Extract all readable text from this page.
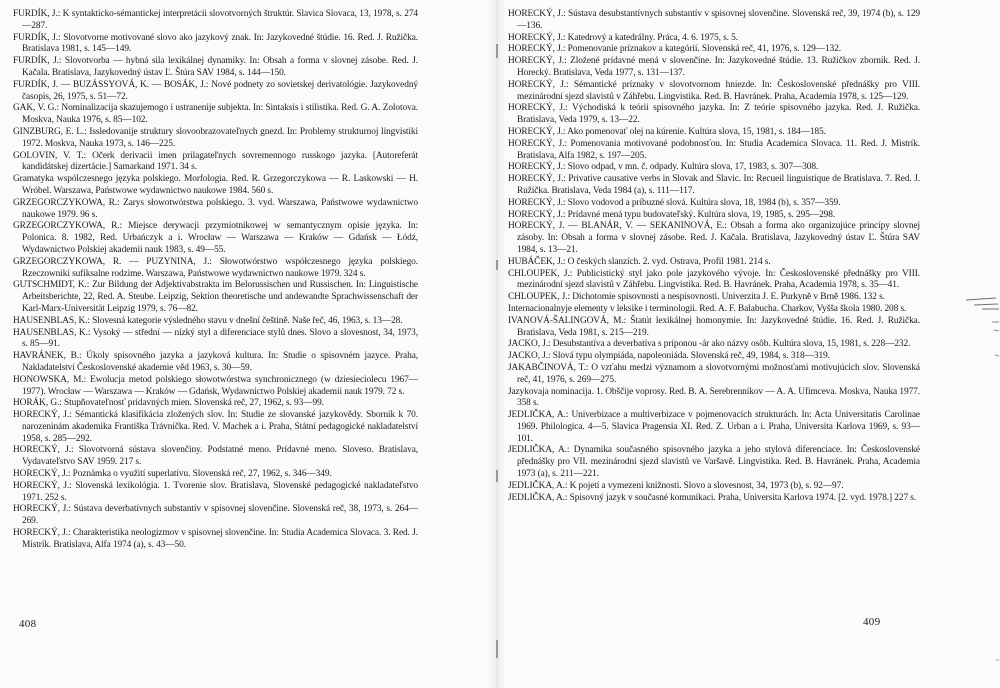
FURDÍK, J.: K syntakticko-sémantickej interpretácii slovotvorných štruktúr. Slavica Slovaca, 13, 1978, s. 274—287.

FURDÍK, J.: Slovotvorne motivované slovo ako jazykový znak. In: Jazykovedné štúdie. 16. Red. J. Ružička. Bratislava 1981, s. 145—149.

FURDÍK, J.: Slovotvorba — hybná sila lexikálnej dynamiky. In: Obsah a forma v slovnej zásobe. Red. J. Kačala. Bratislava, Jazykovedný ústav Ľ. Štúra SAV 1984, s. 144—150.

FURDÍK, J. — BUZÁSSYOVÁ, K. — BOSÁK, J.: Nové podnety zo sovietskej derivatológie. Jazykovedný časopis, 26, 1975, s. 51—72.

GAK, V. G.: Nominalizacija skazujemogo i ustranenije subjekta. In: Sintaksis i stilistika. Red. G. A. Zolotova. Moskva, Nauka 1976, s. 85—102.

GINZBURG, E. L.: Issledovanije struktury slovoobrazovateľnych gnezd. In: Problemy strukturnoj lingvistiki 1972. Moskva, Nauka 1973, s. 146—225.

GOLOVIN, V. T.: Očerk derivacii imen prilagateľnych sovremennogo russkogo jazyka. [Autoreferát kandidátskej dizertácie.] Samarkand 1971. 34 s.

Gramatyka wspólczesnego języka polskiego. Morfologia. Red. R. Grzegorczykowa — R. Laskowski — H. Wróbel. Warszawa, Państwowe wydawnictwo naukowe 1984. 560 s.

GRZEGORCZYKOWA, R.: Zarys słowotwórstwa polskiego. 3. vyd. Warszawa, Państwowe wydawnictwo naukowe 1979. 96 s.

GRZEGORCZYKOWA, R.: Miejsce derywacji przymiotnikowej w semantycznym opisie języka. In: Polonica. 8. 1982, Red. Urbańczyk a i. Wrocław — Warszawa — Kraków — Gdańsk — Łódź, Wydawnictwo Polskiej akademii nauk 1983, s. 49—55.

GRZEGORCZYKOWA, R. — PUZYNINA, J.: Słowotwórstwo współczesnego języka polskiego. Rzeczowniki sufiksalne rodzime. Warszawa, Państwowe wydawnictwo naukowe 1979. 324 s.

GUTSCHMIDT, K.: Zur Bildung der Adjektivabstrakta im Belorussischen und Russischen. In: Linguistische Arbeitsberichte, 22, Red. A. Steube. Leipzig, Sektion theoretische und andewandte Sprachwissenschaft der Karl-Marx-Universität Leipzig 1979, s. 76—82.

HAUSENBLAS, K.: Slovesná kategorie výsledného stavu v dnešní češtině. Naše řeč, 46, 1963, s. 13—28.

HAUSENBLAS, K.: Vysoký — střední — nízký styl a diferenciace stylů dnes. Slovo a slovesnost, 34, 1973, s. 85—91.

HAVRÁNEK, B.: Úkoly spisovného jazyka a jazyková kultura. In: Studie o spisovném jazyce. Praha, Nakladatelství Československé akademie věd 1963, s. 30—59.

HONOWSKA, M.: Ewolucja metod polskiego słowotwórstwa synchronicznego (w dziesieciolecu 1967—1977). Wrocław — Warszawa — Kraków — Gdańsk, Wydawnictwo Polskiej akademii nauk 1979. 72 s.

HORÁK, G.: Stupňovateľnosť prídavných mien. Slovenská reč, 27, 1962, s. 93—99.

HORECKÝ, J.: Sémantická klasifikácia zložených slov. In: Studie ze slovanské jazykovědy. Sborník k 70. narozeninám akademika Františka Trávníčka. Red. V. Machek a i. Praha, Státní pedagogické nakladatelství 1958, s. 285—292.

HORECKÝ, J.: Slovotvorná sústava slovenčiny. Podstatné meno. Prídavné meno. Sloveso. Bratislava, Vydavateľstvo SAV 1959. 217 s.

HORECKÝ, J.: Poznámka o využití superlatívu. Slovenská reč, 27, 1962, s. 346—349.

HORECKÝ, J.: Slovenská lexikológia. 1. Tvorenie slov. Bratislava, Slovenské pedagogické nakladateľstvo 1971. 252 s.

HORECKÝ, J.: Sústava deverbatívnych substantív v spisovnej slovenčine. Slovenská reč, 38, 1973, s. 264—269.

HORECKÝ, J.: Charakteristika neologizmov v spisovnej slovenčine. In: Studia Academica Slovaca. 3. Red. J. Mistrík. Bratislava, Alfa 1974 (a), s. 43—50.

408

HORECKÝ, J.: Sústava desubstantívnych substantív v spisovnej slovenčine. Slovenská reč, 39, 1974 (b), s. 129—136.

HORECKÝ, J.: Katedrový a katedrálny. Práca, 4. 6. 1975, s. 5.

HORECKÝ, J.: Pomenovanie príznakov a kategórií. Slovenská reč, 41, 1976, s. 129—132.

HORECKÝ, J.: Zložené prídavné mená v slovenčine. In: Jazykovedné štúdie. 13. Ružičkov zborník. Red. J. Horecký. Bratislava, Veda 1977, s. 131—137.

HORECKÝ, J.: Sémantické príznaky v slovotvornom hniezde. In: Československé přednášky pro VIII. mezinárodní sjezd slavistů v Záhřebu. Lingvistika. Red. B. Havránek. Praha, Academia 1978, s. 125—129.

HORECKÝ, J.: Východiská k teórii spisovného jazyka. In: Z teórie spisovného jazyka. Red. J. Ružička. Bratislava, Veda 1979, s. 13—22.

HORECKÝ, J.: Ako pomenovať olej na kúrenie. Kultúra slova, 15, 1981, s. 184—185.

HORECKÝ, J.: Pomenovania motivované podobnosťou. In: Studia Academica Slovaca. 11. Red. J. Mistrík. Bratislava, Alfa 1982, s. 197—205.

HORECKÝ, J.: Slovo odpad, v mn. č. odpady. Kultúra slova, 17, 1983, s. 307—308.

HORECKÝ, J.: Privative causative verbs in Slovak and Slavic. In: Recueil linguistique de Bratislava. 7. Red. J. Ružička. Bratislava, Veda 1984 (a), s. 111—117.

HORECKÝ, J.: Slovo vodovod a príbuzné slová. Kultúra slova, 18, 1984 (b), s. 357—359.

HORECKÝ, J.: Prídavné mená typu budovateľský. Kultúra slova, 19, 1985, s. 295—298.

HORECKÝ, J. — BLANÁR, V. — SEKANINOVÁ, E.: Obsah a forma ako organizujúce princípy slovnej zásoby. In: Obsah a forma v slovnej zásobe. Red. J. Kačala. Bratislava, Jazykovedný ústav Ľ. Štúra SAV 1984, s. 13—21.

HUBÁČEK, J.: O českých slanzích. 2. vyd. Ostrava, Profil 1981. 214 s.

CHLOUPEK, J.: Publicistický styl jako pole jazykového vývoje. In: Československé přednášky pro VIII. mezinárodní sjezd slavistů v Záhřebu. Lingvistika. Red. B. Havránek. Praha, Academia 1978, s. 35—41.

CHLOUPEK, J.: Dichotomie spisovnosti a nespisovnosti. Univerzita J. E. Purkyně v Brně 1986. 132 s.

Internacionalnyje elementy v leksike i terminologii. Red. A. F. Balabucha. Charkov, Vyšša škola 1980. 208 s.

IVANOVÁ-ŠALINGOVÁ, M.: Štatút lexikálnej homonymie. In: Jazykovedné štúdie. 16. Red. J. Ružička. Bratislava, Veda 1981, s. 215—219.

JACKO, J.: Desubstantíva a deverbatíva s príponou -ár ako názvy osôb. Kultúra slova, 15, 1981, s. 228—232.

JACKO, J.: Slová typu olympiáda, napoleoniáda. Slovenská reč, 49, 1984, s. 318—319.

JAKABČINOVÁ, T.: O vzťahu medzi významom a slovotvornými možnosťami motivujúcich slov. Slovenská reč, 41, 1976, s. 269—275.

Jazykovaja nominacija. 1. Obščije voprosy. Red. B. A. Serebrennikov — A. A. Ufimceva. Moskva, Nauka 1977. 358 s.

JEDLIČKA, A.: Univerbizace a multiverbizace v pojmenovacích strukturách. In: Acta Universitatis Carolinae 1969. Philologica. 4—5. Slavica Pragensia XI. Red. Z. Urban a i. Praha, Universita Karlova 1969, s. 93—101.

JEDLIČKA, A.: Dynamika současného spisovného jazyka a jeho stylová diferenciace. In: Československé přednášky pro VII. mezinárodní sjezd slavistů ve Varšavě. Lingvistika. Red. B. Havránek. Praha, Academia 1973 (a), s. 211—221.

JEDLIČKA, A.: K pojetí a vymezení knižnosti. Slovo a slovesnost, 34, 1973 (b), s. 92—97.

JEDLIČKA, A.: Spisovný jazyk v současné komunikaci. Praha, Universita Karlova 1974. [2. vyd. 1978.] 227 s.

409
